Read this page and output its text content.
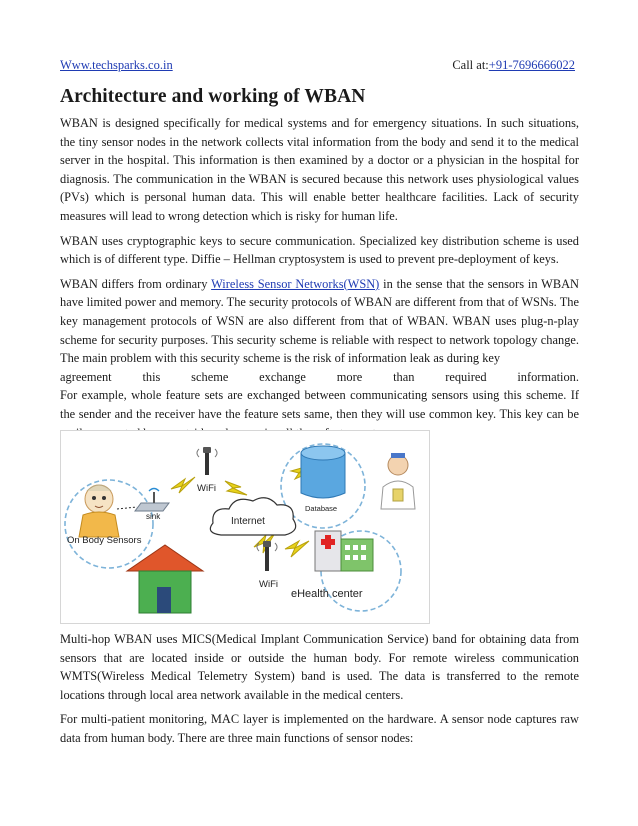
Www.techsparks.co.in	Call at:+91-7696666022
Architecture and working of WBAN

WBAN is designed specifically for medical systems and for emergency situations. In such situations, the tiny sensor nodes in the network collects vital information from the body and send it to the medical server in the hospital. This information is then examined by a doctor or a physician in the hospital for diagnosis. The communication in the WBAN is secured because this network uses physiological values (PVs) which is personal human data. This will enable better healthcare facilities. Lack of security measures will lead to wrong detection which is risky for human life.

WBAN uses cryptographic keys to secure communication. Specialized key distribution scheme is used which is of different type. Diffie – Hellman cryptosystem is used to prevent pre-deployment of keys.

WBAN differs from ordinary Wireless Sensor Networks(WSN) in the sense that the sensors in WBAN have limited power and memory. The security protocols of WBAN are different from that of WSNs. The key management protocols of WSN are also different from that of WBAN. WBAN uses plug-n-play scheme for security purposes. This security scheme is reliable with respect to network topology change. The main problem with this security scheme is the risk of information leak as during key

agreement this scheme exchange more than required information.

For example, whole feature sets are exchanged between communicating sensors using this scheme. If the sender and the receiver have the feature sets same, then they will use common key. This key can be

sink
On Body Sensors
WiFi
Internet
Database
WiFi
eHealth center

Multi-hop WBAN uses MICS(Medical Implant Communication Service) band for obtaining data from sensors that are located inside or outside the human body. For remote wireless communication WMTS(Wireless Medical Telemetry System) band is used. The data is transferred to the remote locations through local area network available in the medical centers.

For multi-patient monitoring, MAC layer is implemented on the hardware. A sensor node captures raw data from human body. There are three main functions of sensor nodes:
